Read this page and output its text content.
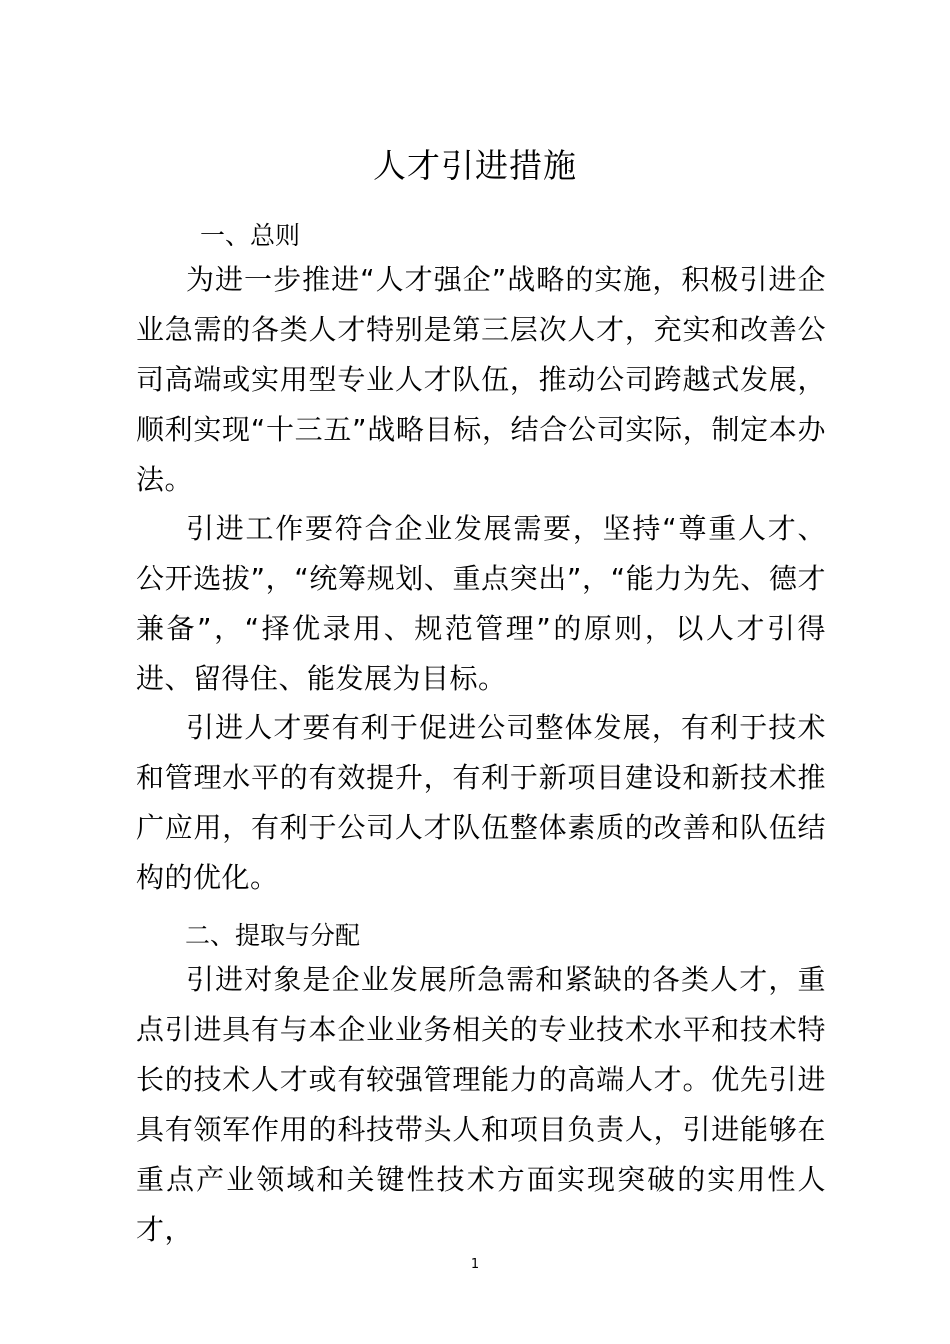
人才引进措施
一、总则
为进一步推进“人才强企”战略的实施，积极引进企业急需的各类人才特别是第三层次人才，充实和改善公司高端或实用型专业人才队伍，推动公司跨越式发展，顺利实现“十三五”战略目标，结合公司实际，制定本办法。
引进工作要符合企业发展需要，坚持“尊重人才、公开选拔”，“统筹规划、重点突出”，“能力为先、德才兼备”，“择优录用、规范管理”的原则，以人才引得进、留得住、能发展为目标。
引进人才要有利于促进公司整体发展，有利于技术和管理水平的有效提升，有利于新项目建设和新技术推广应用，有利于公司人才队伍整体素质的改善和队伍结构的优化。
二、提取与分配
引进对象是企业发展所急需和紧缺的各类人才，重点引进具有与本企业业务相关的专业技术水平和技术特长的技术人才或有较强管理能力的高端人才。优先引进具有领军作用的科技带头人和项目负责人，引进能够在重点产业领域和关键性技术方面实现突破的实用性人才，
1
